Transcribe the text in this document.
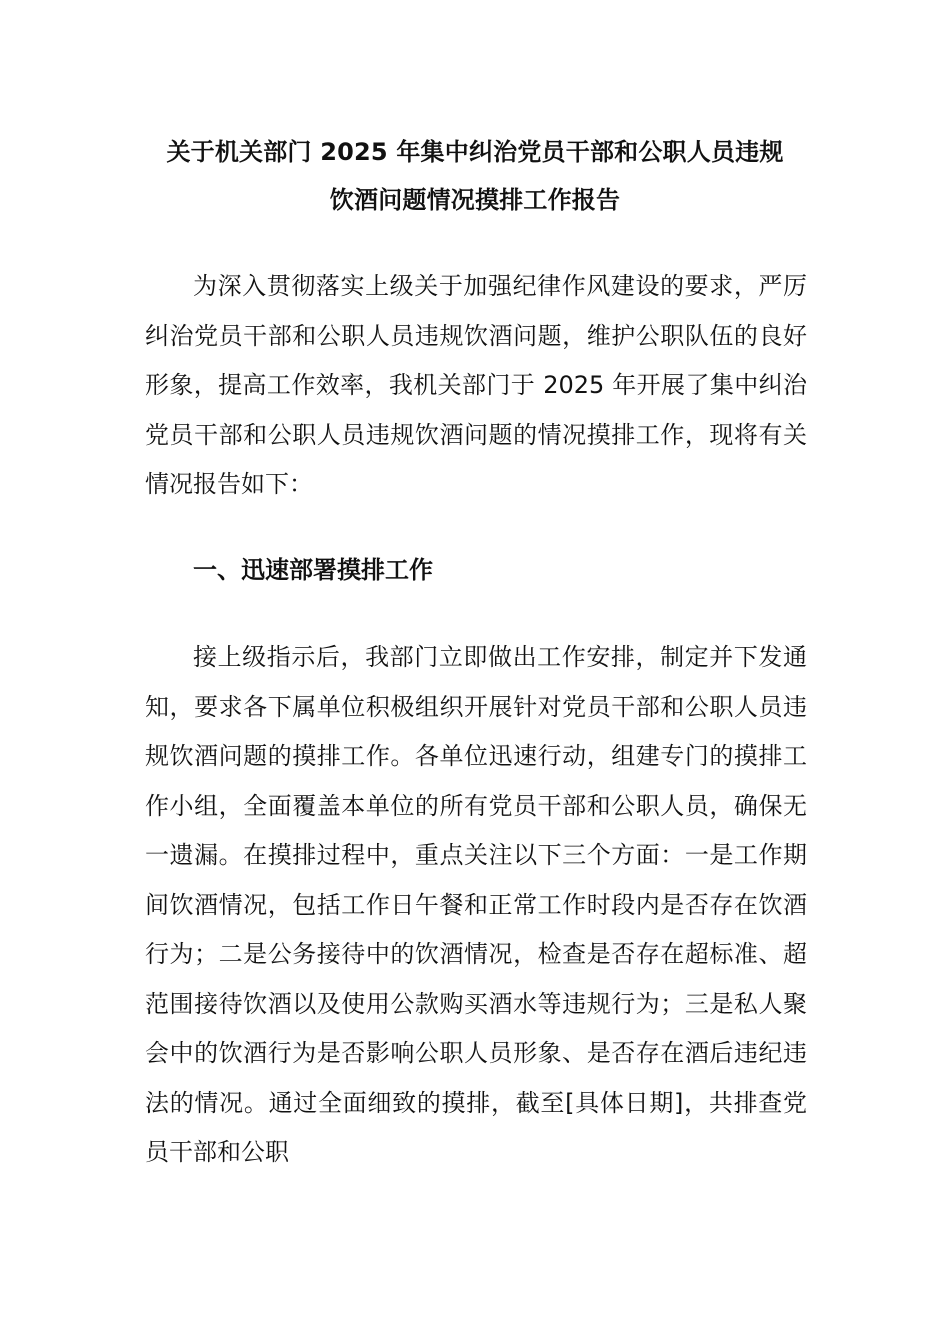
关于机关部门 2025 年集中纠治党员干部和公职人员违规
饮酒问题情况摸排工作报告

为深入贯彻落实上级关于加强纪律作风建设的要求，严厉纠治党员干部和公职人员违规饮酒问题，维护公职队伍的良好形象，提高工作效率，我机关部门于 2025 年开展了集中纠治党员干部和公职人员违规饮酒问题的情况摸排工作，现将有关情况报告如下：

一、迅速部署摸排工作

接上级指示后，我部门立即做出工作安排，制定并下发通知，要求各下属单位积极组织开展针对党员干部和公职人员违规饮酒问题的摸排工作。各单位迅速行动，组建专门的摸排工作小组，全面覆盖本单位的所有党员干部和公职人员，确保无一遗漏。在摸排过程中，重点关注以下三个方面：一是工作期间饮酒情况，包括工作日午餐和正常工作时段内是否存在饮酒行为；二是公务接待中的饮酒情况，检查是否存在超标准、超范围接待饮酒以及使用公款购买酒水等违规行为；三是私人聚会中的饮酒行为是否影响公职人员形象、是否存在酒后违纪违法的情况。通过全面细致的摸排，截至[具体日期]，共排查党员干部和公职
